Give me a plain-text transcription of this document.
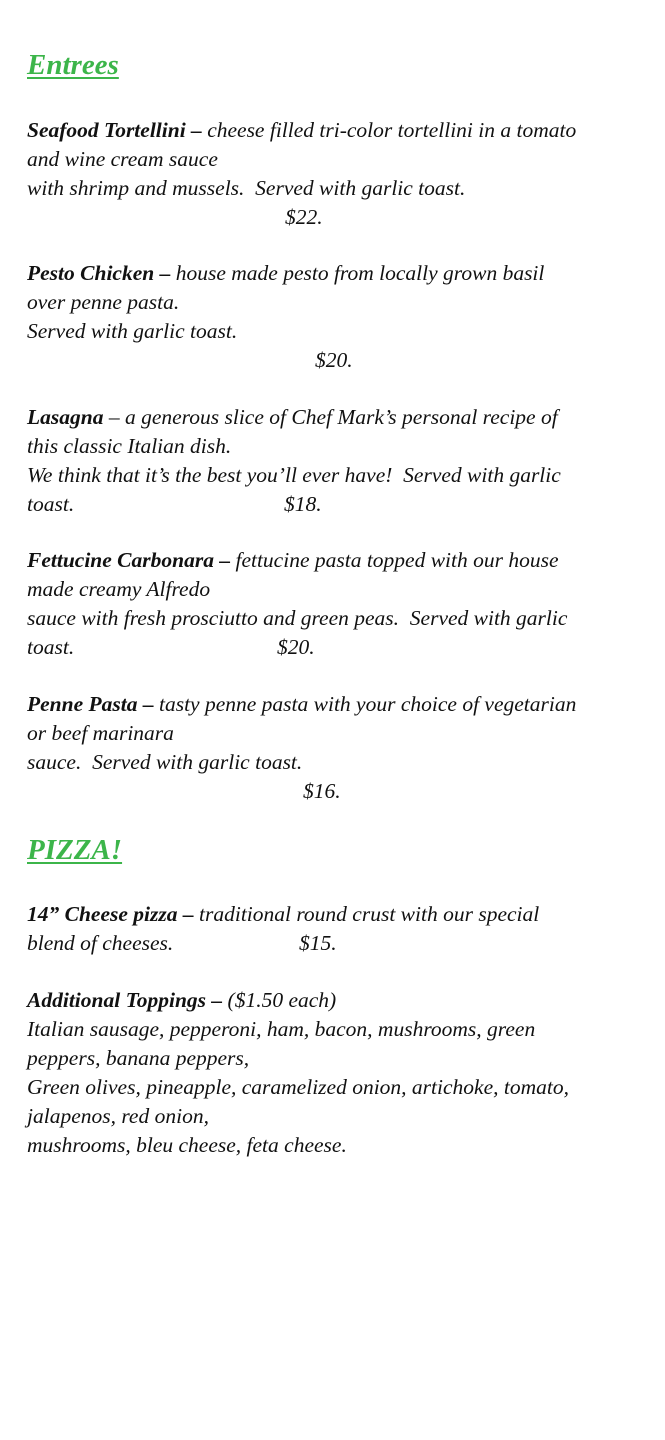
Entrees
Seafood Tortellini – cheese filled tri-color tortellini in a tomato
and wine cream sauce
with shrimp and mussels.  Served with garlic toast.
$22.
Pesto Chicken – house made pesto from locally grown basil
over penne pasta.
Served with garlic toast.
$20.
Lasagna – a generous slice of Chef Mark’s personal recipe of
this classic Italian dish.
We think that it’s the best you’ll ever have!  Served with garlic
toast.	$18.
Fettucine Carbonara – fettucine pasta topped with our house
made creamy Alfredo
sauce with fresh prosciutto and green peas.  Served with garlic
toast.	$20.
Penne Pasta – tasty penne pasta with your choice of vegetarian
or beef marinara
sauce.  Served with garlic toast.
$16.
PIZZA!
14” Cheese pizza – traditional round crust with our special
blend of cheeses.	$15.
Additional Toppings – ($1.50 each)
Italian sausage, pepperoni, ham, bacon, mushrooms, green
peppers, banana peppers,
Green olives, pineapple, caramelized onion, artichoke, tomato,
jalapenos, red onion,
mushrooms, bleu cheese, feta cheese.
